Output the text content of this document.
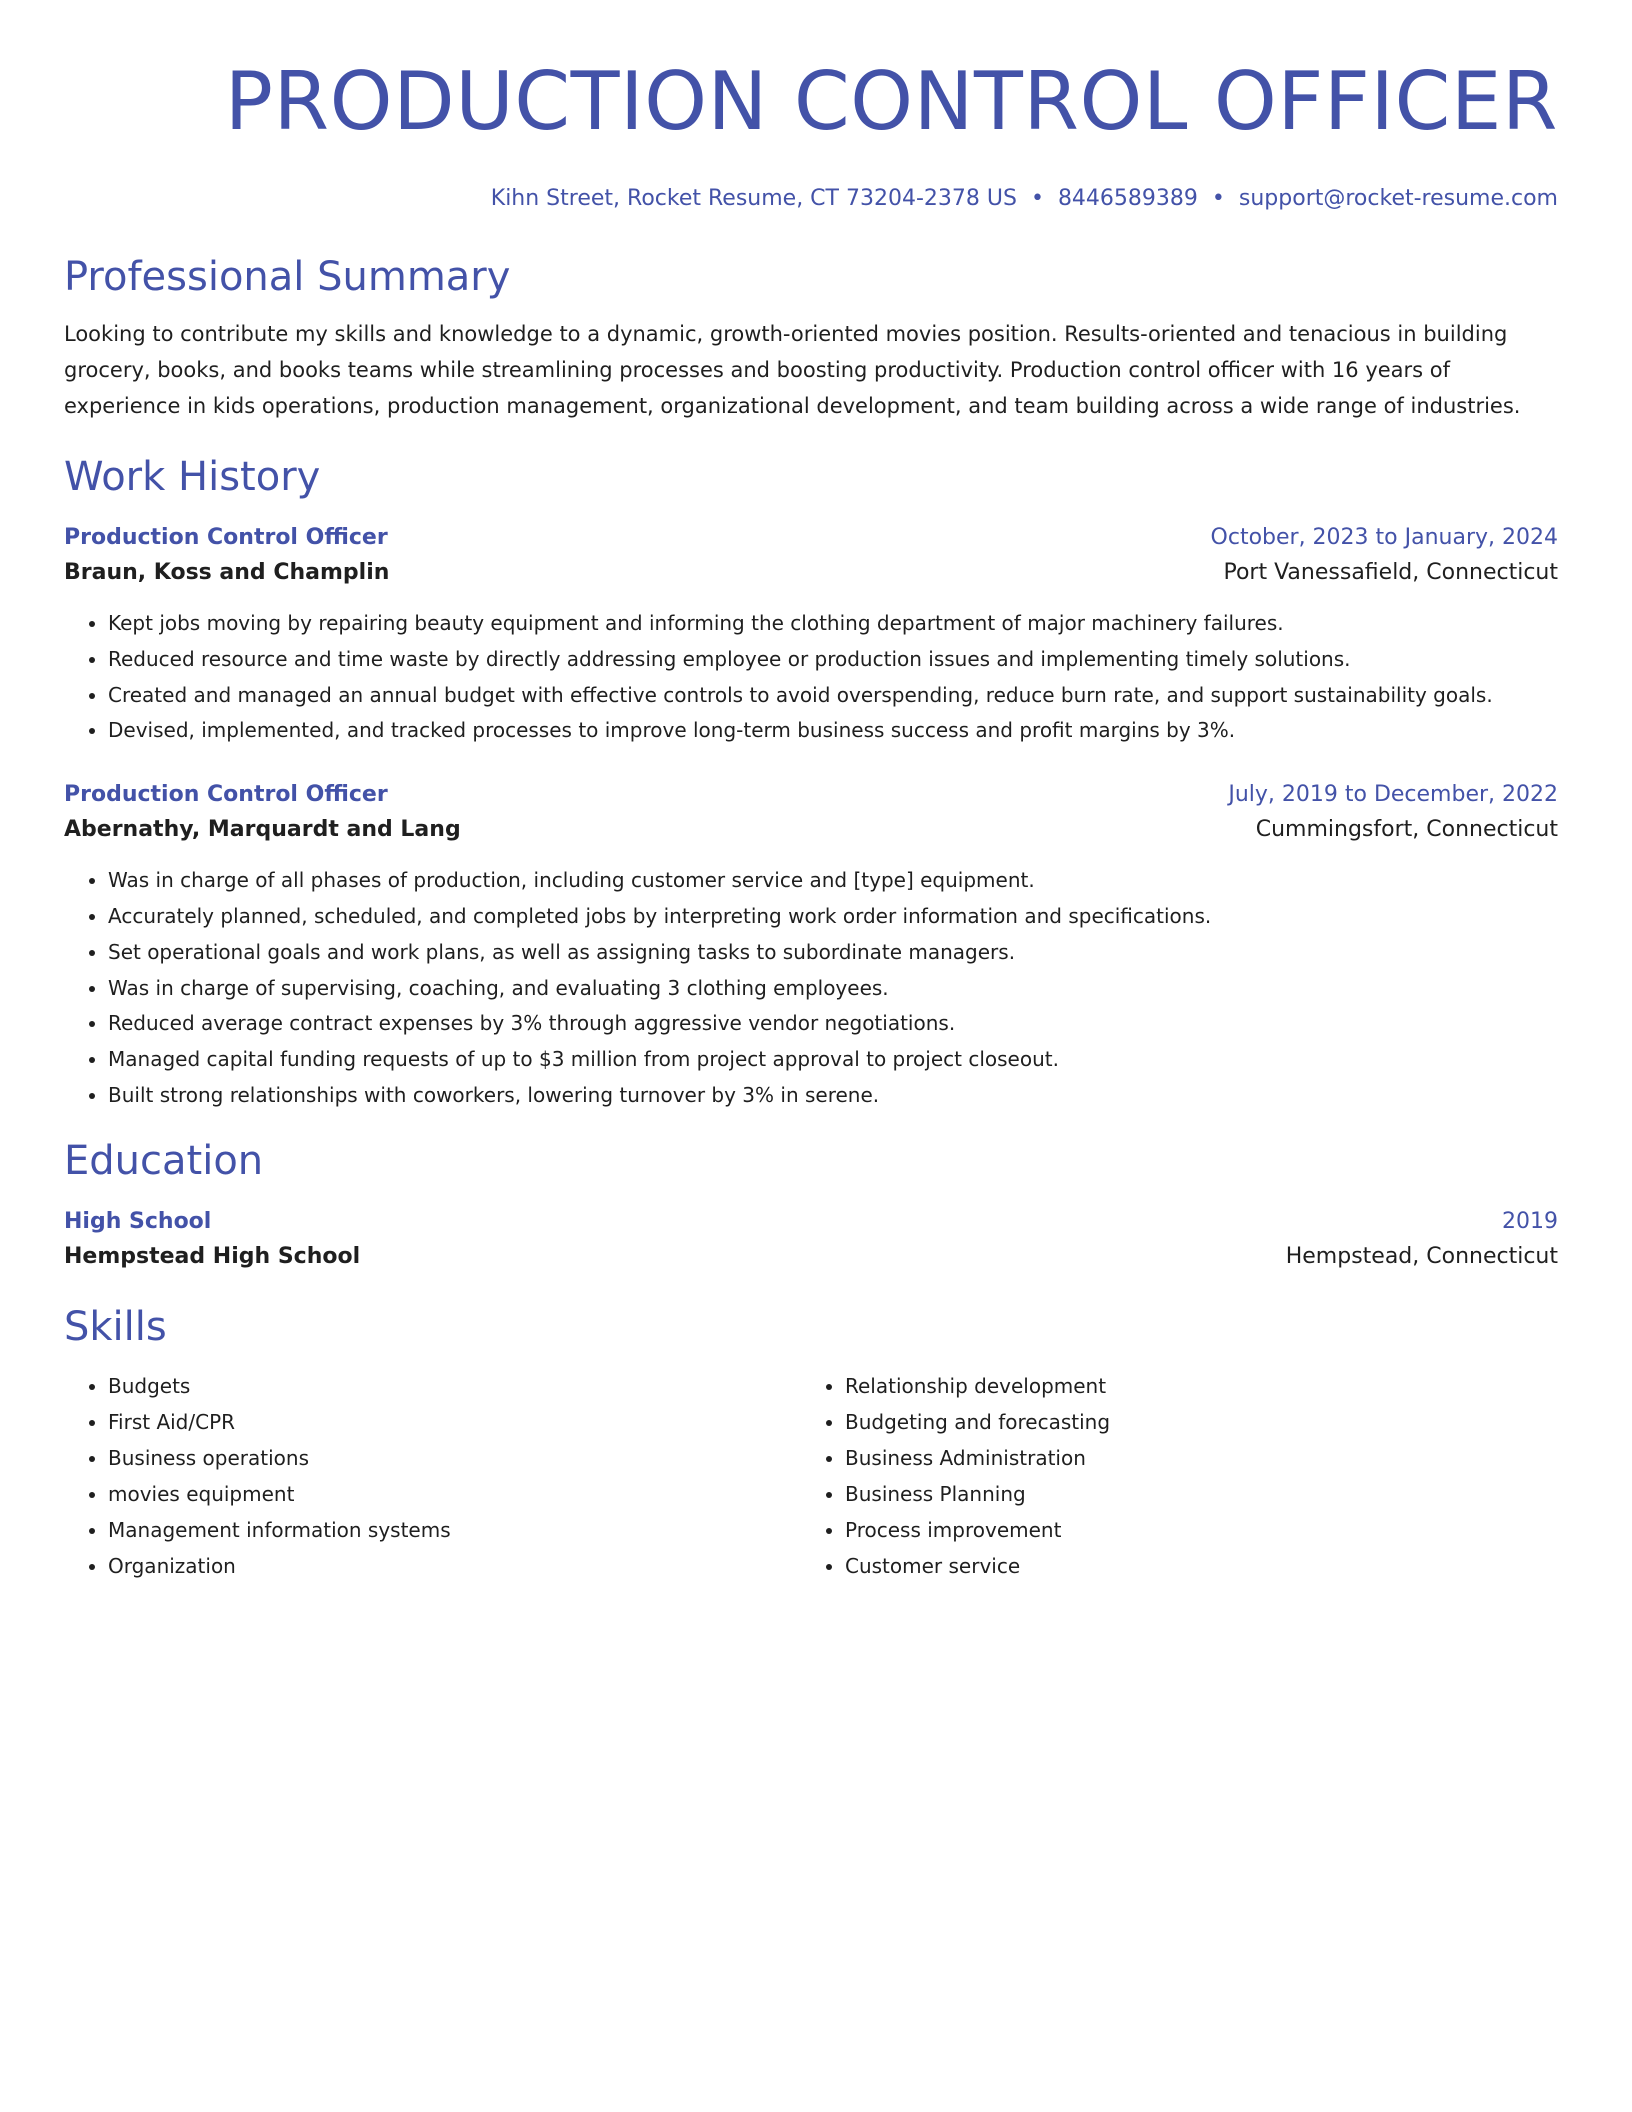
PRODUCTION CONTROL OFFICER
Kihn Street, Rocket Resume, CT 73204-2378 US • 8446589389 • support@rocket-resume.com
Professional Summary
Looking to contribute my skills and knowledge to a dynamic, growth-oriented movies position. Results-oriented and tenacious in building grocery, books, and books teams while streamlining processes and boosting productivity. Production control officer with 16 years of experience in kids operations, production management, organizational development, and team building across a wide range of industries.
Work History
Production Control Officer	October, 2023 to January, 2024
Braun, Koss and Champlin	Port Vanessafield, Connecticut
• Kept jobs moving by repairing beauty equipment and informing the clothing department of major machinery failures.
• Reduced resource and time waste by directly addressing employee or production issues and implementing timely solutions.
• Created and managed an annual budget with effective controls to avoid overspending, reduce burn rate, and support sustainability goals.
• Devised, implemented, and tracked processes to improve long-term business success and profit margins by 3%.
Production Control Officer	July, 2019 to December, 2022
Abernathy, Marquardt and Lang	Cummingsfort, Connecticut
• Was in charge of all phases of production, including customer service and [type] equipment.
• Accurately planned, scheduled, and completed jobs by interpreting work order information and specifications.
• Set operational goals and work plans, as well as assigning tasks to subordinate managers.
• Was in charge of supervising, coaching, and evaluating 3 clothing employees.
• Reduced average contract expenses by 3% through aggressive vendor negotiations.
• Managed capital funding requests of up to $3 million from project approval to project closeout.
• Built strong relationships with coworkers, lowering turnover by 3% in serene.
Education
High School	2019
Hempstead High School	Hempstead, Connecticut
Skills
• Budgets
• First Aid/CPR
• Business operations
• movies equipment
• Management information systems
• Organization
• Relationship development
• Budgeting and forecasting
• Business Administration
• Business Planning
• Process improvement
• Customer service
